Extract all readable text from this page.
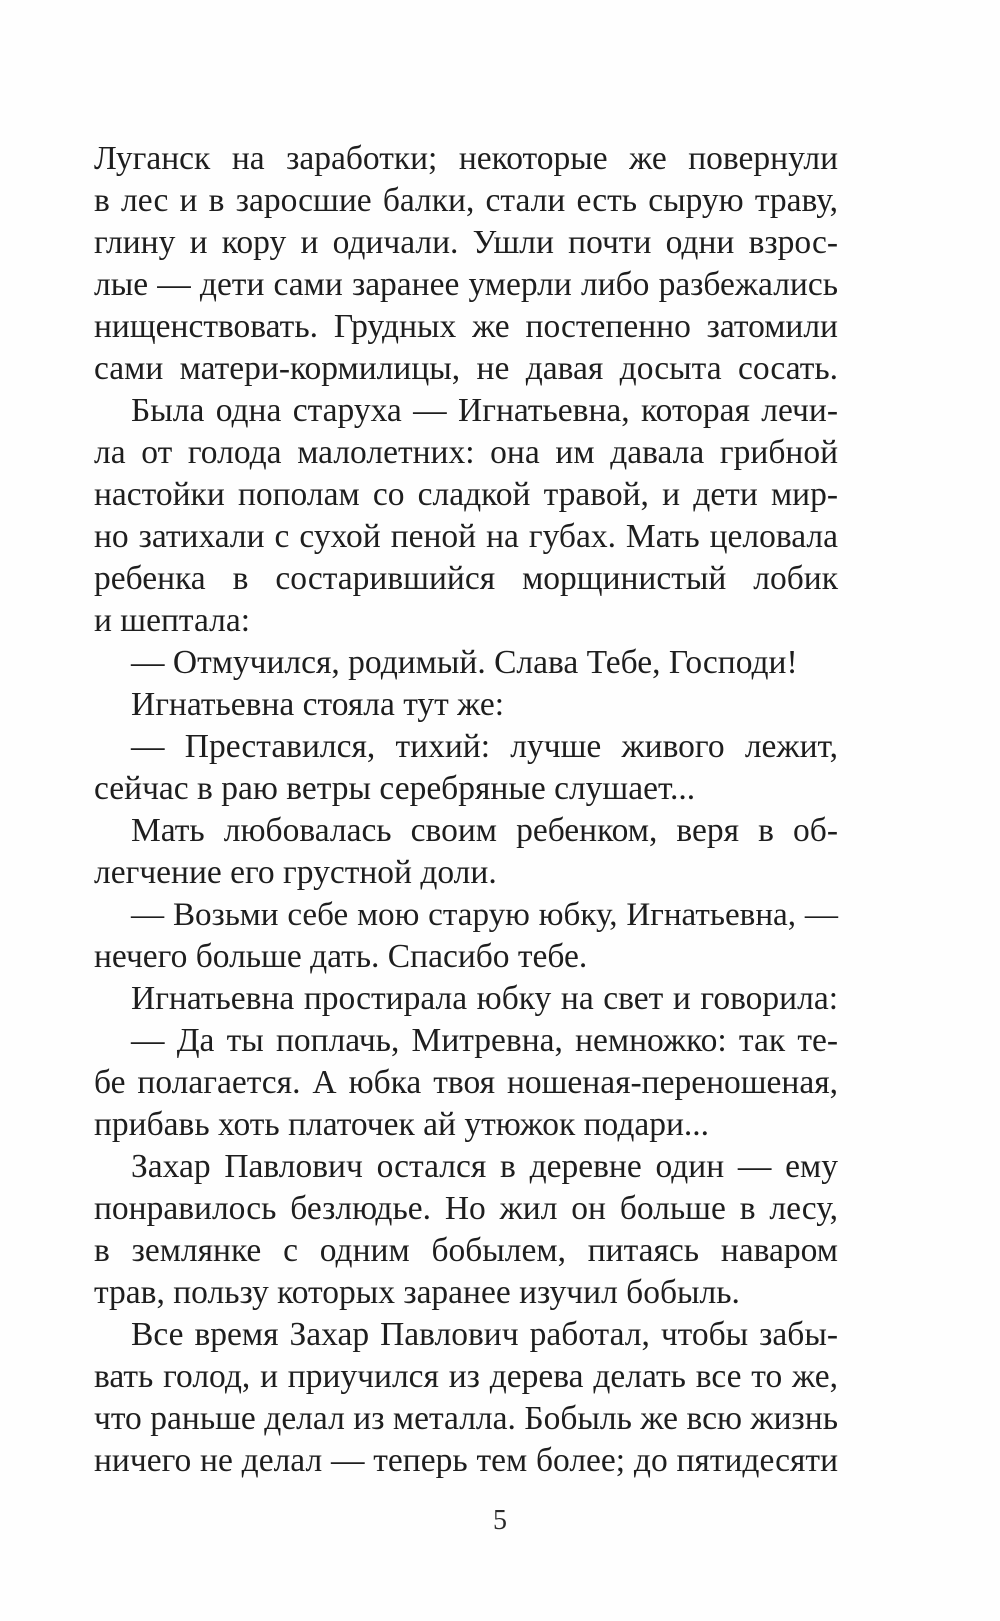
Луганск на заработки; некоторые же повернули
в лес и в заросшие балки, стали есть сырую траву,
глину и кору и одичали. Ушли почти одни взрос-
лые — дети сами заранее умерли либо разбежались
нищенствовать. Грудных же постепенно затомили
сами матери-кормилицы, не давая досыта сосать.
Была одна старуха — Игнатьевна, которая лечи-
ла от голода малолетних: она им давала грибной
настойки пополам со сладкой травой, и дети мир-
но затихали с сухой пеной на губах. Мать целовала
ребенка в состарившийся морщинистый лобик
и шептала:
— Отмучился, родимый. Слава Тебе, Господи!
Игнатьевна стояла тут же:
— Преставился, тихий: лучше живого лежит,
сейчас в раю ветры серебряные слушает...
Мать любовалась своим ребенком, веря в об-
легчение его грустной доли.
— Возьми себе мою старую юбку, Игнатьевна, —
нечего больше дать. Спасибо тебе.
Игнатьевна простирала юбку на свет и говорила:
— Да ты поплачь, Митревна, немножко: так те-
бе полагается. А юбка твоя ношеная-переношеная,
прибавь хоть платочек ай утюжок подари...
Захар Павлович остался в деревне один — ему
понравилось безлюдье. Но жил он больше в лесу,
в землянке с одним бобылем, питаясь наваром
трав, пользу которых заранее изучил бобыль.
Все время Захар Павлович работал, чтобы забы-
вать голод, и приучился из дерева делать все то же,
что раньше делал из металла. Бобыль же всю жизнь
ничего не делал — теперь тем более; до пятидесяти
5
